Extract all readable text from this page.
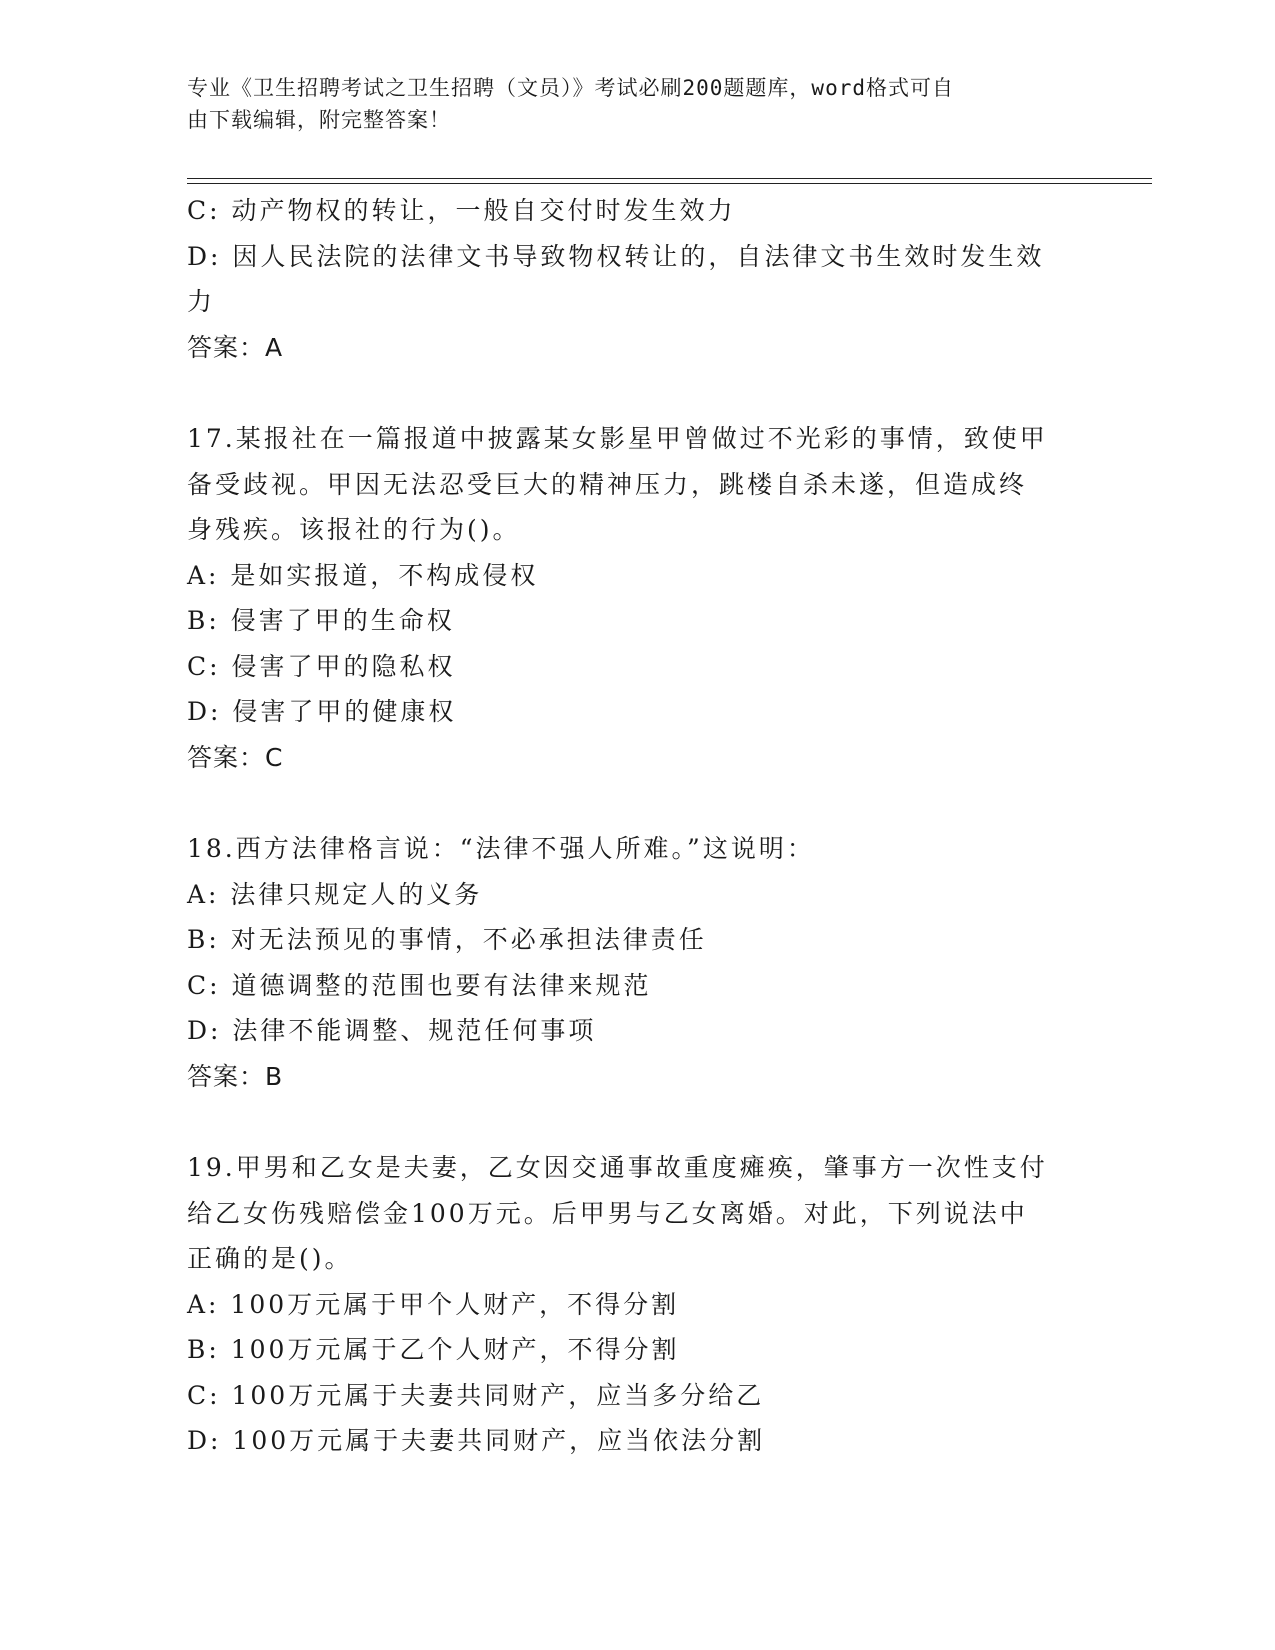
专业《卫生招聘考试之卫生招聘（文员）》考试必刷200题题库，word格式可自
由下载编辑，附完整答案！
C: 动产物权的转让，一般自交付时发生效力
D: 因人民法院的法律文书导致物权转让的，自法律文书生效时发生效
力
答案：A
17.某报社在一篇报道中披露某女影星甲曾做过不光彩的事情，致使甲
备受歧视。甲因无法忍受巨大的精神压力，跳楼自杀未遂，但造成终
身残疾。该报社的行为()。
A: 是如实报道，不构成侵权
B: 侵害了甲的生命权
C: 侵害了甲的隐私权
D: 侵害了甲的健康权
答案：C
18.西方法律格言说：“法律不强人所难。”这说明：
A: 法律只规定人的义务
B: 对无法预见的事情，不必承担法律责任
C: 道德调整的范围也要有法律来规范
D: 法律不能调整、规范任何事项
答案：B
19.甲男和乙女是夫妻，乙女因交通事故重度瘫痪，肇事方一次性支付
给乙女伤残赔偿金100万元。后甲男与乙女离婚。对此，下列说法中
正确的是()。
A: 100万元属于甲个人财产，不得分割
B: 100万元属于乙个人财产，不得分割
C: 100万元属于夫妻共同财产，应当多分给乙
D: 100万元属于夫妻共同财产，应当依法分割
